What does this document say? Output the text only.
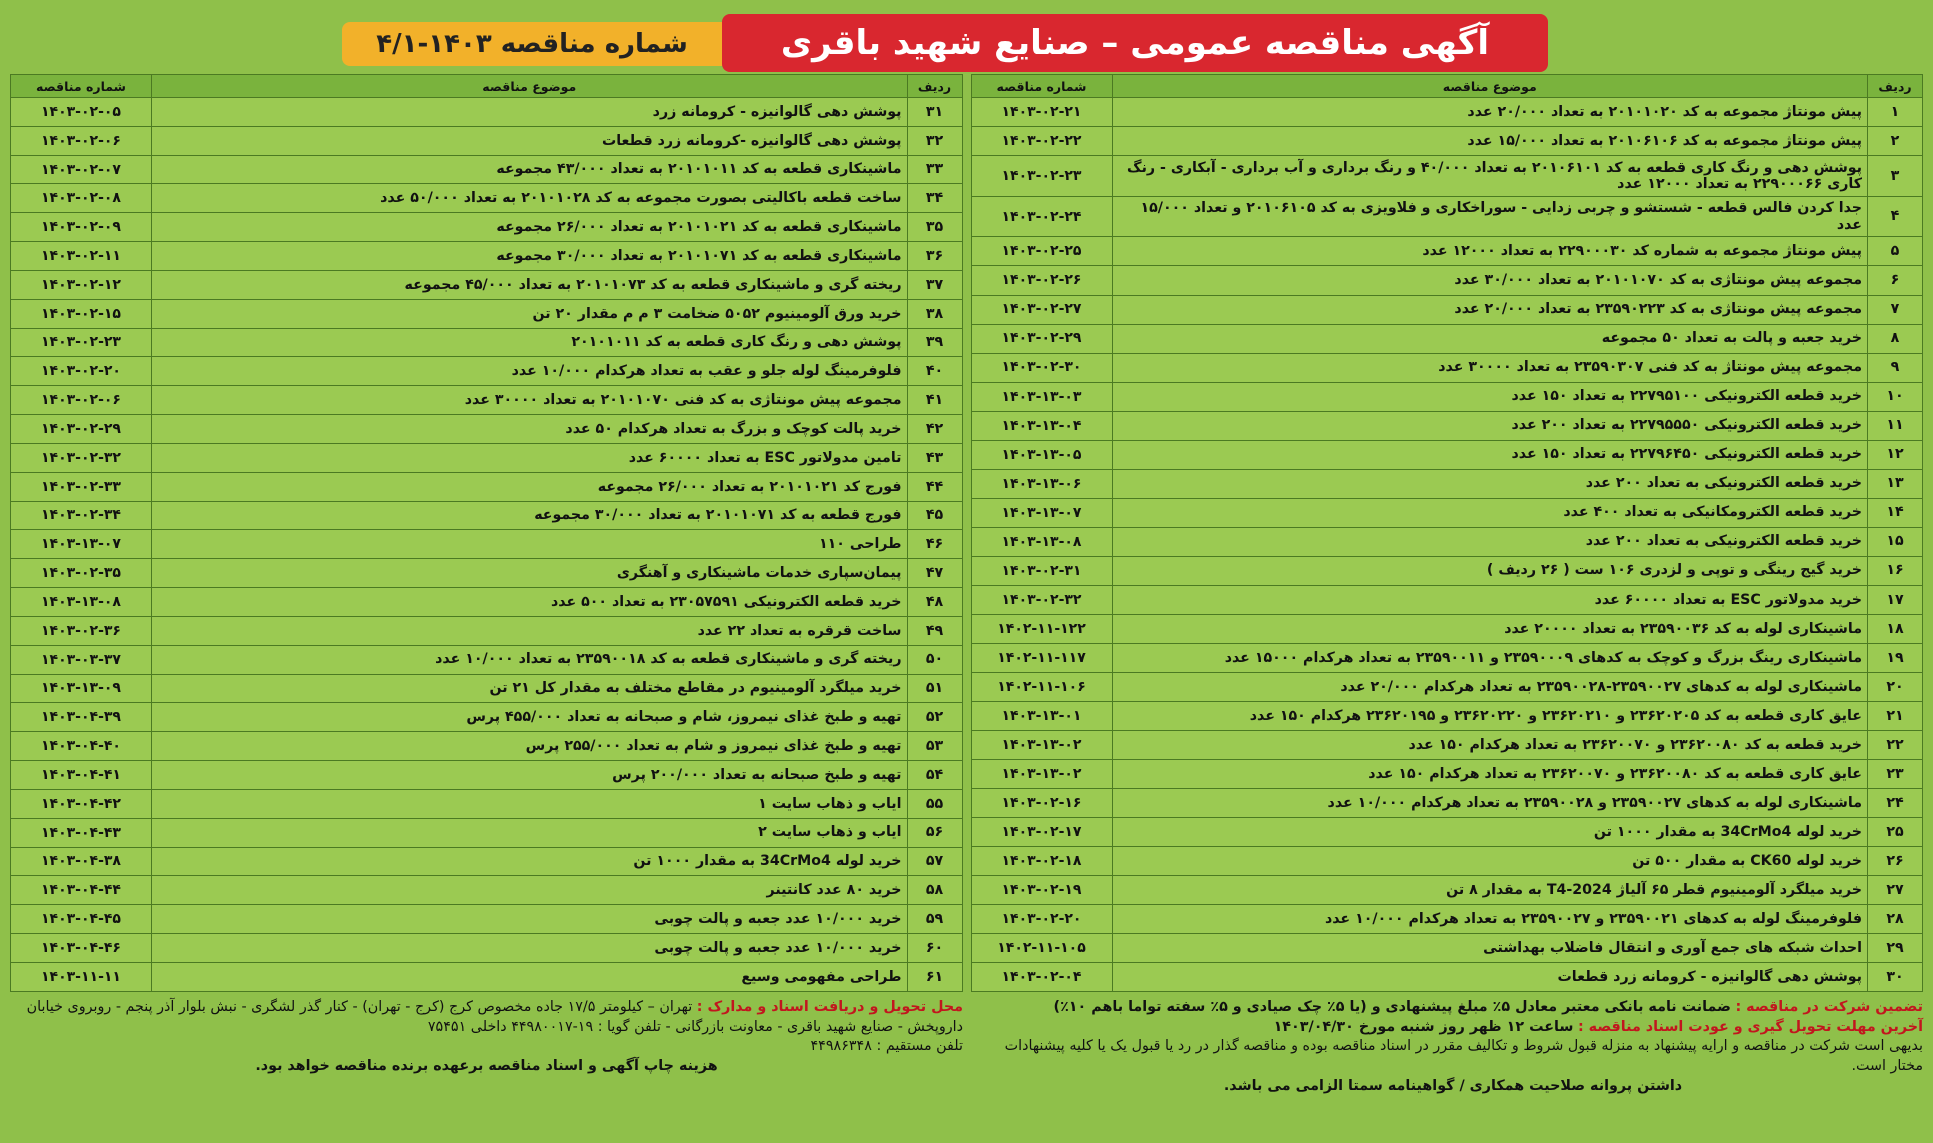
آگهی مناقصه عمومی – صنایع شهید باقری
شماره مناقصه ۱۴۰۳-۴/۱
ردیف	موضوع مناقصه	شماره مناقصه
۱	پیش مونتاژ مجموعه به کد ۲۰۱۰۱۰۲۰ به تعداد ۲۰/۰۰۰ عدد	۱۴۰۳-۰۲-۲۱
۲	پیش مونتاژ مجموعه به کد ۲۰۱۰۶۱۰۶ به تعداد ۱۵/۰۰۰ عدد	۱۴۰۳-۰۲-۲۲
۳	پوشش دهی و رنگ کاری قطعه به کد ۲۰۱۰۶۱۰۱ به تعداد ۴۰/۰۰۰ و رنگ برداری و آب برداری - آبکاری - رنگ کاری ۲۲۹۰۰۰۶۶ به تعداد ۱۲۰۰۰ عدد	۱۴۰۳-۰۲-۲۳
۴	جدا کردن فالس قطعه - شستشو و چربی زدایی - سوراخکاری و فلاویزی به کد ۲۰۱۰۶۱۰۵ و تعداد ۱۵/۰۰۰ عدد	۱۴۰۳-۰۲-۲۴
۵	پیش مونتاژ مجموعه به شماره کد ۲۲۹۰۰۰۳۰ به تعداد ۱۲۰۰۰ عدد	۱۴۰۳-۰۲-۲۵
۶	مجموعه پیش مونتاژی به کد ۲۰۱۰۱۰۷۰ به تعداد ۳۰/۰۰۰ عدد	۱۴۰۳-۰۲-۲۶
۷	مجموعه پیش مونتاژی به کد ۲۳۵۹۰۲۲۳ به تعداد ۲۰/۰۰۰ عدد	۱۴۰۳-۰۲-۲۷
۸	خرید جعبه و پالت به تعداد ۵۰ مجموعه	۱۴۰۳-۰۲-۲۹
۹	مجموعه پیش مونتاژ به کد فنی ۲۳۵۹۰۳۰۷ به تعداد ۳۰۰۰۰ عدد	۱۴۰۳-۰۲-۳۰
۱۰	خرید قطعه الکترونیکی ۲۲۷۹۵۱۰۰ به تعداد ۱۵۰ عدد	۱۴۰۳-۱۳-۰۳
۱۱	خرید قطعه الکترونیکی ۲۲۷۹۵۵۵۰ به تعداد ۲۰۰ عدد	۱۴۰۳-۱۳-۰۴
۱۲	خرید قطعه الکترونیکی ۲۲۷۹۶۴۵۰ به تعداد ۱۵۰ عدد	۱۴۰۳-۱۳-۰۵
۱۳	خرید قطعه الکترونیکی به تعداد ۲۰۰ عدد	۱۴۰۳-۱۳-۰۶
۱۴	خرید قطعه الکترومکانیکی به تعداد ۴۰۰ عدد	۱۴۰۳-۱۳-۰۷
۱۵	خرید قطعه الکترونیکی به تعداد ۲۰۰ عدد	۱۴۰۳-۱۳-۰۸
۱۶	خرید گیج رینگی و توپی و لزدری ۱۰۶ ست ( ۲۶ ردیف )	۱۴۰۳-۰۲-۳۱
۱۷	خرید مدولاتور ESC به تعداد ۶۰۰۰۰ عدد	۱۴۰۳-۰۲-۳۲
۱۸	ماشینکاری لوله به کد ۲۳۵۹۰۰۳۶ به تعداد ۲۰۰۰۰ عدد	۱۴۰۲-۱۱-۱۲۲
۱۹	ماشینکاری رینگ بزرگ و کوچک به کدهای ۲۳۵۹۰۰۰۹ و ۲۳۵۹۰۰۱۱ به تعداد هرکدام ۱۵۰۰۰ عدد	۱۴۰۲-۱۱-۱۱۷
۲۰	ماشینکاری لوله به کدهای ۲۳۵۹۰۰۲۷-۲۳۵۹۰۰۲۸ به تعداد هرکدام ۲۰/۰۰۰ عدد	۱۴۰۲-۱۱-۱۰۶
۲۱	عایق کاری قطعه به کد ۲۳۶۲۰۲۰۵ و ۲۳۶۲۰۲۱۰ و ۲۳۶۲۰۲۲۰ و ۲۳۶۲۰۱۹۵ هرکدام ۱۵۰ عدد	۱۴۰۳-۱۳-۰۱
۲۲	خرید قطعه به کد ۲۳۶۲۰۰۸۰ و ۲۳۶۲۰۰۷۰ به تعداد هرکدام ۱۵۰ عدد	۱۴۰۳-۱۳-۰۲
۲۳	عایق کاری قطعه به کد ۲۳۶۲۰۰۸۰ و ۲۳۶۲۰۰۷۰ به تعداد هرکدام ۱۵۰ عدد	۱۴۰۳-۱۳-۰۲
۲۴	ماشینکاری لوله به کدهای ۲۳۵۹۰۰۲۷ و ۲۳۵۹۰۰۲۸ به تعداد هرکدام ۱۰/۰۰۰ عدد	۱۴۰۳-۰۲-۱۶
۲۵	خرید لوله 34CrMo4 به مقدار ۱۰۰۰ تن	۱۴۰۳-۰۲-۱۷
۲۶	خرید لوله CK60 به مقدار ۵۰۰ تن	۱۴۰۳-۰۲-۱۸
۲۷	خرید میلگرد آلومینیوم قطر ۶۵ آلیاژ 2024-T4 به مقدار ۸ تن	۱۴۰۳-۰۲-۱۹
۲۸	فلوفرمینگ لوله به کدهای ۲۳۵۹۰۰۲۱ و ۲۳۵۹۰۰۲۷ به تعداد هرکدام ۱۰/۰۰۰ عدد	۱۴۰۳-۰۲-۲۰
۲۹	احداث شبکه های جمع آوری و انتقال فاضلاب بهداشتی	۱۴۰۲-۱۱-۱۰۵
۳۰	پوشش دهی گالوانیزه - کرومانه زرد قطعات	۱۴۰۳-۰۲-۰۴
ردیف	موضوع مناقصه	شماره مناقصه
۳۱	پوشش دهی گالوانیزه - کرومانه زرد	۱۴۰۳-۰۲-۰۵
۳۲	پوشش دهی گالوانیزه -کرومانه زرد قطعات	۱۴۰۳-۰۲-۰۶
۳۳	ماشینکاری قطعه به کد ۲۰۱۰۱۰۱۱ به تعداد ۴۳/۰۰۰ مجموعه	۱۴۰۳-۰۲-۰۷
۳۴	ساخت قطعه باکالیتی بصورت مجموعه به کد ۲۰۱۰۱۰۲۸ به تعداد ۵۰/۰۰۰ عدد	۱۴۰۳-۰۲-۰۸
۳۵	ماشینکاری قطعه به کد ۲۰۱۰۱۰۲۱ به تعداد ۲۶/۰۰۰ مجموعه	۱۴۰۳-۰۲-۰۹
۳۶	ماشینکاری قطعه به کد ۲۰۱۰۱۰۷۱ به تعداد ۳۰/۰۰۰ مجموعه	۱۴۰۳-۰۲-۱۱
۳۷	ریخته گری و ماشینکاری قطعه به کد ۲۰۱۰۱۰۷۳ به تعداد ۴۵/۰۰۰ مجموعه	۱۴۰۳-۰۲-۱۲
۳۸	خرید ورق آلومینیوم ۵۰۵۲ ضخامت ۳ م م مقدار ۲۰ تن	۱۴۰۳-۰۲-۱۵
۳۹	پوشش دهی و رنگ کاری قطعه به کد ۲۰۱۰۱۰۱۱	۱۴۰۳-۰۲-۲۳
۴۰	فلوفرمینگ لوله جلو و عقب به تعداد هرکدام ۱۰/۰۰۰ عدد	۱۴۰۳-۰۲-۲۰
۴۱	مجموعه پیش مونتاژی به کد فنی ۲۰۱۰۱۰۷۰ به تعداد ۳۰۰۰۰ عدد	۱۴۰۳-۰۲-۰۶
۴۲	خرید پالت کوچک و بزرگ به تعداد هرکدام ۵۰ عدد	۱۴۰۳-۰۲-۲۹
۴۳	تامین مدولاتور ESC به تعداد ۶۰۰۰۰ عدد	۱۴۰۳-۰۲-۳۲
۴۴	فورج کد ۲۰۱۰۱۰۲۱ به تعداد ۲۶/۰۰۰ مجموعه	۱۴۰۳-۰۲-۳۳
۴۵	فورج قطعه به کد ۲۰۱۰۱۰۷۱ به تعداد ۳۰/۰۰۰ مجموعه	۱۴۰۳-۰۲-۳۴
۴۶	طراحی ۱۱۰	۱۴۰۳-۱۳-۰۷
۴۷	پیمان‌سپاری خدمات ماشینکاری و آهنگری	۱۴۰۳-۰۲-۳۵
۴۸	خرید قطعه الکترونیکی ۲۳۰۵۷۵۹۱ به تعداد ۵۰۰ عدد	۱۴۰۳-۱۳-۰۸
۴۹	ساخت قرقره به تعداد ۲۲ عدد	۱۴۰۳-۰۲-۳۶
۵۰	ریخته گری و ماشینکاری قطعه به کد ۲۳۵۹۰۰۱۸ به تعداد ۱۰/۰۰۰ عدد	۱۴۰۳-۰۳-۳۷
۵۱	خرید میلگرد آلومینیوم در مقاطع مختلف به مقدار کل ۲۱ تن	۱۴۰۳-۱۳-۰۹
۵۲	تهیه و طبخ غذای نیمروز، شام و صبحانه به تعداد ۴۵۵/۰۰۰ پرس	۱۴۰۳-۰۴-۳۹
۵۳	تهیه و طبخ غذای نیمروز و شام به تعداد ۲۵۵/۰۰۰ پرس	۱۴۰۳-۰۴-۴۰
۵۴	تهیه و طبخ صبحانه به تعداد ۲۰۰/۰۰۰ پرس	۱۴۰۳-۰۴-۴۱
۵۵	ایاب و ذهاب سایت ۱	۱۴۰۳-۰۴-۴۲
۵۶	ایاب و ذهاب سایت ۲	۱۴۰۳-۰۴-۴۳
۵۷	خرید لوله 34CrMo4 به مقدار ۱۰۰۰ تن	۱۴۰۳-۰۴-۳۸
۵۸	خرید ۸۰ عدد کانتینر	۱۴۰۳-۰۴-۴۴
۵۹	خرید ۱۰/۰۰۰ عدد جعبه و پالت چوبی	۱۴۰۳-۰۴-۴۵
۶۰	خرید ۱۰/۰۰۰ عدد جعبه و پالت چوبی	۱۴۰۳-۰۴-۴۶
۶۱	طراحی مفهومی وسیع	۱۴۰۳-۱۱-۱۱
تضمین شرکت در مناقصه : ضمانت نامه بانکی معتبر معادل ۵٪ مبلغ پیشنهادی و (یا ۵٪ چک صیادی و ۵٪ سفته تواما باهم ۱۰٪)
آخرین مهلت تحویل گیری و عودت اسناد مناقصه : ساعت ۱۲ ظهر روز شنبه مورخ ۱۴۰۳/۰۴/۳۰
بدیهی است شرکت در مناقصه و ارایه پیشنهاد به منزله قبول شروط و تکالیف مقرر در اسناد مناقصه بوده و مناقصه گذار در رد یا قبول یک یا کلیه پیشنهادات مختار است.
داشتن پروانه صلاحیت همکاری / گواهینامه سمتا الزامی می باشد.
محل تحویل و دریافت اسناد و مدارک : تهران – کیلومتر ۱۷/۵ جاده مخصوص کرج (کرج - تهران) - کنار گذر لشگری - نبش بلوار آذر پنجم - روبروی خیابان داروپخش - صنایع شهید باقری - معاونت بازرگانی - تلفن گویا : ۱۹-۴۴۹۸۰۰۱۷ داخلی ۷۵۴۵۱
تلفن مستقیم : ۴۴۹۸۶۳۴۸
هزینه چاپ آگهی و اسناد مناقصه برعهده برنده مناقصه خواهد بود.
